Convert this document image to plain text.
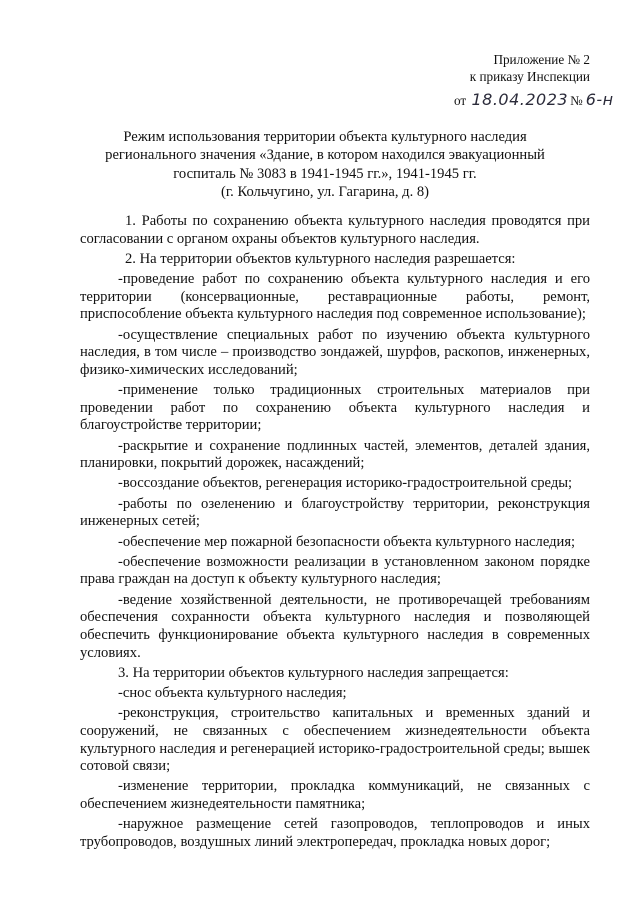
Приложение № 2
к приказу Инспекции
от 18.04.2023 № 6-н
Режим использования территории объекта культурного наследия
регионального значения «Здание, в котором находился эвакуационный
госпиталь № 3083 в 1941-1945 гг.», 1941-1945 гг.
(г. Кольчугино, ул. Гагарина, д. 8)

1. Работы по сохранению объекта культурного наследия проводятся при согласовании с органом охраны объектов культурного наследия.

2. На территории объектов культурного наследия разрешается:

-проведение работ по сохранению объекта культурного наследия и его территории (консервационные, реставрационные работы, ремонт, приспособление объекта культурного наследия под современное использование);

-осуществление специальных работ по изучению объекта культурного наследия, в том числе – производство зондажей, шурфов, раскопов, инженерных, физико-химических исследований;

-применение только традиционных строительных материалов при проведении работ по сохранению объекта культурного наследия и благоустройстве территории;

-раскрытие и сохранение подлинных частей, элементов, деталей здания, планировки, покрытий дорожек, насаждений;

-воссоздание объектов, регенерация историко-градостроительной среды;

-работы по озеленению и благоустройству территории, реконструкция инженерных сетей;

-обеспечение мер пожарной безопасности объекта культурного наследия;

-обеспечение возможности реализации в установленном законом порядке права граждан на доступ к объекту культурного наследия;

-ведение хозяйственной деятельности, не противоречащей требованиям обеспечения сохранности объекта культурного наследия и позволяющей обеспечить функционирование объекта культурного наследия в современных условиях.

3. На территории объектов культурного наследия запрещается:

-снос объекта культурного наследия;

-реконструкция, строительство капитальных и временных зданий и сооружений, не связанных с обеспечением жизнедеятельности объекта культурного наследия и регенерацией историко-градостроительной среды; вышек сотовой связи;

-изменение территории, прокладка коммуникаций, не связанных с обеспечением жизнедеятельности памятника;

-наружное размещение сетей газопроводов, теплопроводов и иных трубопроводов, воздушных линий электропередач, прокладка новых дорог;
